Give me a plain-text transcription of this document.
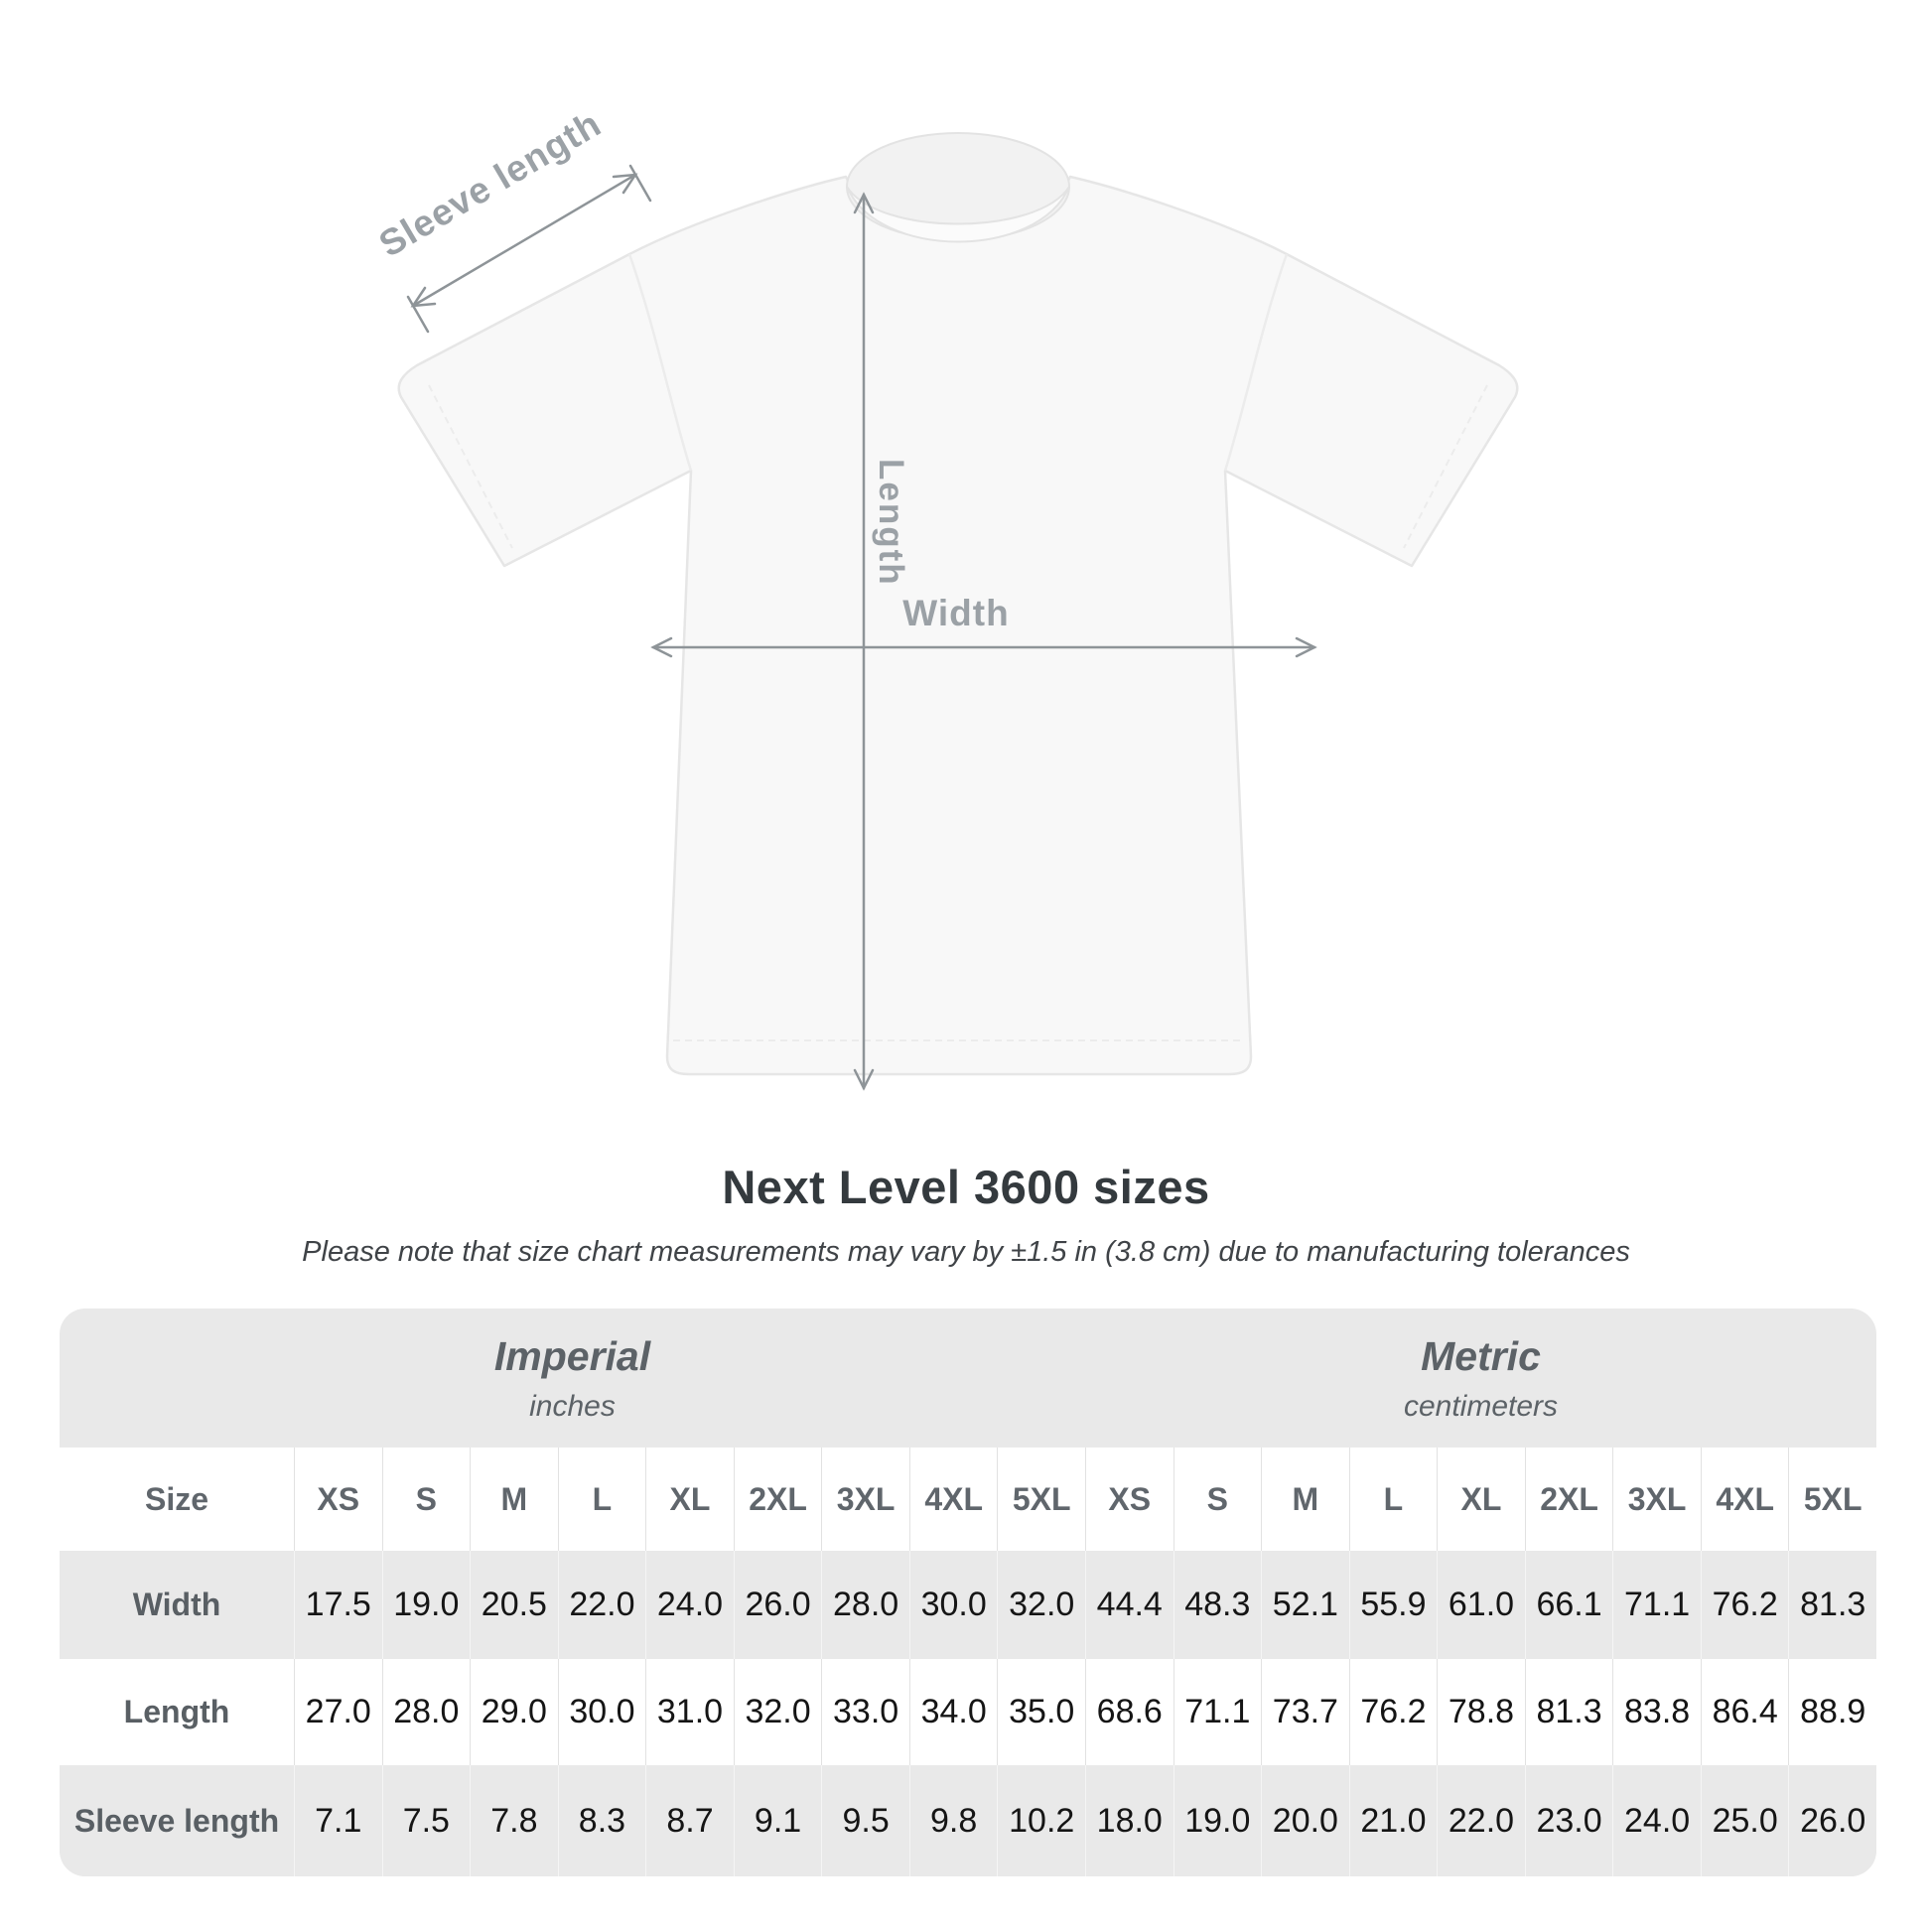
Sleeve length
Length
Width
Next Level 3600 sizes
Please note that size chart measurements may vary by ±1.5 in (3.8 cm) due to manufacturing tolerances
Imperial
inches
Metric
centimeters
Size	XS	S	M	L	XL	2XL 3XL 4XL 5XL	XS	S	M	L	XL	2XL 3XL 4XL 5XL
Width	17.5 19.0 20.5 22.0 24.0 26.0 28.0 30.0 32.0 44.4 48.3 52.1 55.9 61.0 66.1 71.1 76.2 81.3
Length	27.0 28.0 29.0 30.0 31.0 32.0 33.0 34.0 35.0 68.6 71.1 73.7 76.2 78.8 81.3 83.8 86.4 88.9
Sleeve length	7.1	7.5	7.8	8.3	8.7	9.1	9.5	9.8 10.2 18.0 19.0 20.0 21.0 22.0 23.0 24.0 25.0 26.0
